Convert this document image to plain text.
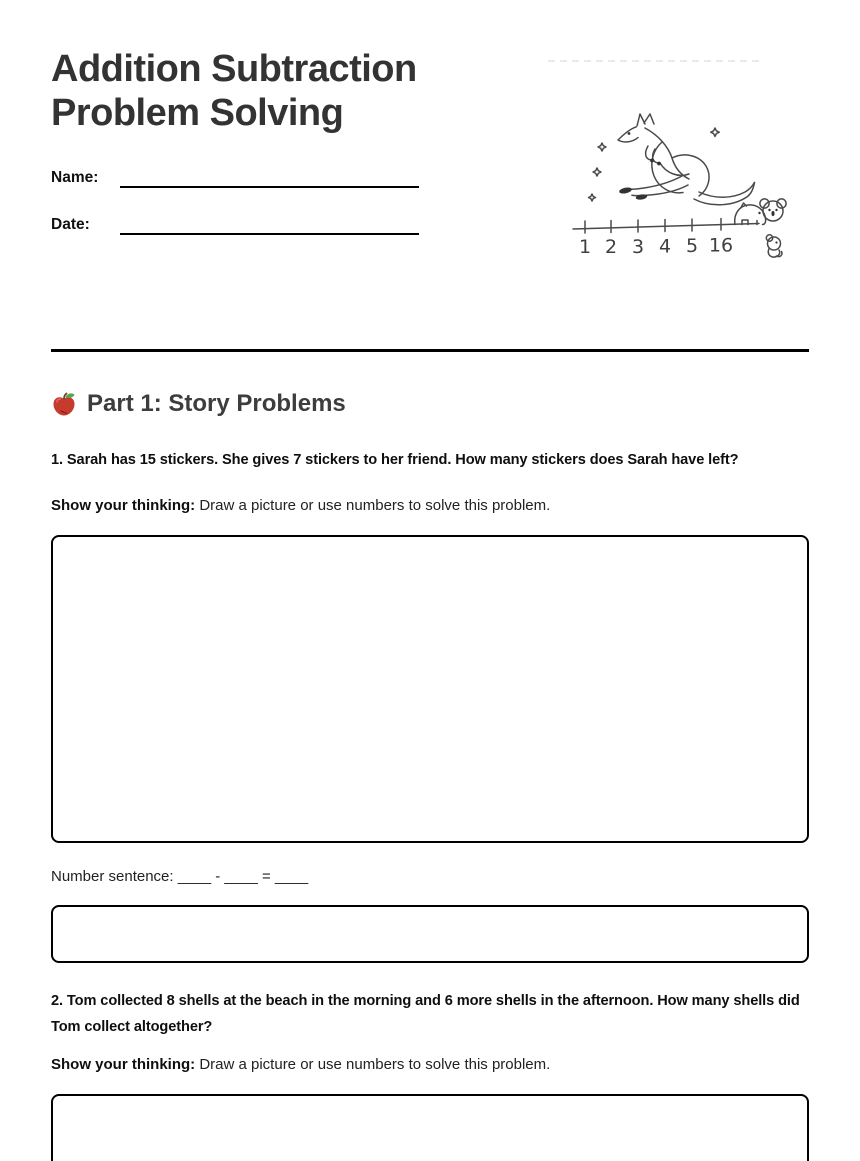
Addition Subtraction
Problem Solving
Name:
Date:
Part 1: Story Problems

1. Sarah has 15 stickers. She gives 7 stickers to her friend. How many stickers does Sarah have left?

Show your thinking: Draw a picture or use numbers to solve this problem.

Number sentence: ____ - ____ = ____

2. Tom collected 8 shells at the beach in the morning and 6 more shells in the afternoon. How many shells did Tom collect altogether?

Show your thinking: Draw a picture or use numbers to solve this problem.

1 2 3 4 5 16
